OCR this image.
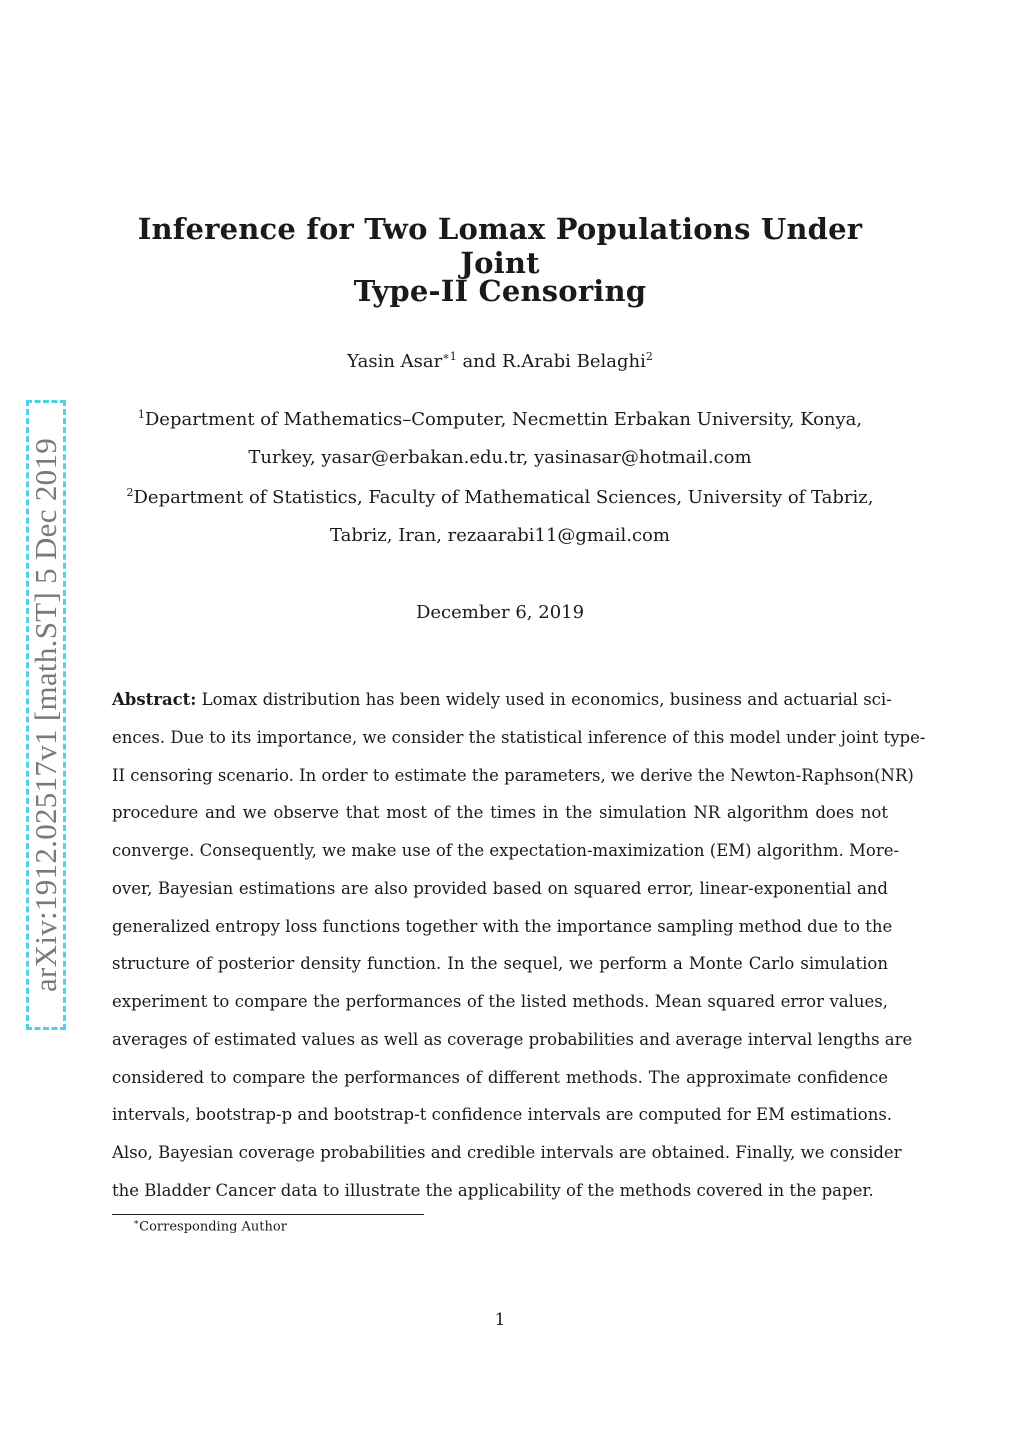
arXiv:1912.02517v1 [math.ST] 5 Dec 2019
Inference for Two Lomax Populations Under Joint
Type-II Censoring
Yasin Asar$^{∗1}$ and R.Arabi Belaghi$^2$
$^1$Department of Mathematics–Computer, Necmettin Erbakan University, Konya,
Turkey, yasar@erbakan.edu.tr, yasinasar@hotmail.com
$^2$Department of Statistics, Faculty of Mathematical Sciences, University of Tabriz,
Tabriz, Iran, rezaarabi11@gmail.com
December 6, 2019
Abstract: Lomax distribution has been widely used in economics, business and actuarial sci-
ences. Due to its importance, we consider the statistical inference of this model under joint type-
II censoring scenario. In order to estimate the parameters, we derive the Newton-Raphson(NR)
procedure and we observe that most of the times in the simulation NR algorithm does not
converge. Consequently, we make use of the expectation-maximization (EM) algorithm. More-
over, Bayesian estimations are also provided based on squared error, linear-exponential and
generalized entropy loss functions together with the importance sampling method due to the
structure of posterior density function. In the sequel, we perform a Monte Carlo simulation
experiment to compare the performances of the listed methods. Mean squared error values,
averages of estimated values as well as coverage probabilities and average interval lengths are
considered to compare the performances of different methods. The approximate confidence
intervals, bootstrap-p and bootstrap-t confidence intervals are computed for EM estimations.
Also, Bayesian coverage probabilities and credible intervals are obtained. Finally, we consider
the Bladder Cancer data to illustrate the applicability of the methods covered in the paper.
∗Corresponding Author
1
